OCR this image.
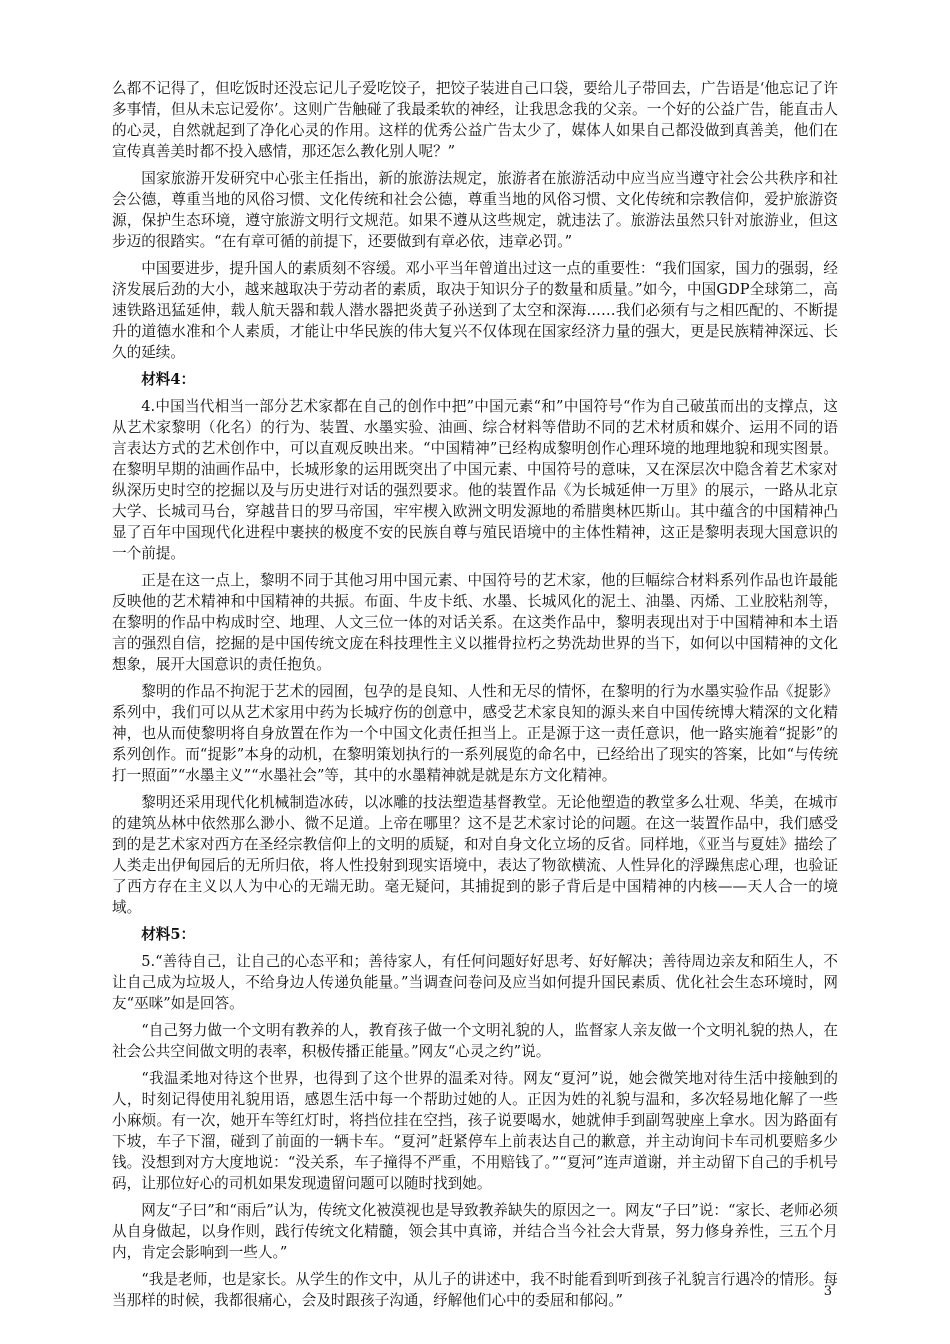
么都不记得了，但吃饭时还没忘记儿子爱吃饺子，把饺子装进自己口袋，要给儿子带回去，广告语是‘他忘记了许多事情，但从未忘记爱你’。这则广告触碰了我最柔软的神经，让我思念我的父亲。一个好的公益广告，能直击人的心灵，自然就起到了净化心灵的作用。这样的优秀公益广告太少了，媒体人如果自己都没做到真善美，他们在宣传真善美时都不投入感情，那还怎么教化别人呢？”

国家旅游开发研究中心张主任指出，新的旅游法规定，旅游者在旅游活动中应当应当遵守社会公共秩序和社会公德，尊重当地的风俗习惯、文化传统和社会公德，尊重当地的风俗习惯、文化传统和宗教信仰，爱护旅游资源，保护生态环境，遵守旅游文明行文规范。如果不遵从这些规定，就违法了。旅游法虽然只针对旅游业，但这步迈的很踏实。“在有章可循的前提下，还要做到有章必依，违章必罚。”

中国要进步，提升国人的素质刻不容缓。邓小平当年曾道出过这一点的重要性：“我们国家，国力的强弱，经济发展后劲的大小，越来越取决于劳动者的素质，取决于知识分子的数量和质量。”如今，中国GDP全球第二，高速铁路迅猛延伸，载人航天器和载人潜水器把炎黄子孙送到了太空和深海……我们必须有与之相匹配的、不断提升的道德水准和个人素质，才能让中华民族的伟大复兴不仅体现在国家经济力量的强大，更是民族精神深远、长久的延续。

材料4：

4.中国当代相当一部分艺术家都在自己的创作中把”中国元素“和”中国符号“作为自己破茧而出的支撑点，这从艺术家黎明（化名）的行为、装置、水墨实验、油画、综合材料等借助不同的艺术材质和媒介、运用不同的语言表达方式的艺术创作中，可以直观反映出来。“中国精神”已经构成黎明创作心理环境的地理地貌和现实图景。在黎明早期的油画作品中，长城形象的运用既突出了中国元素、中国符号的意味，又在深层次中隐含着艺术家对纵深历史时空的挖掘以及与历史进行对话的强烈要求。他的装置作品《为长城延伸一万里》的展示，一路从北京大学、长城司马台，穿越昔日的罗马帝国，牢牢楔入欧洲文明发源地的希腊奥林匹斯山。其中蕴含的中国精神凸显了百年中国现代化进程中裹挟的极度不安的民族自尊与殖民语境中的主体性精神，这正是黎明表现大国意识的一个前提。

正是在这一点上，黎明不同于其他习用中国元素、中国符号的艺术家，他的巨幅综合材料系列作品也许最能反映他的艺术精神和中国精神的共振。布面、牛皮卡纸、水墨、长城风化的泥土、油墨、丙烯、工业胶粘剂等，在黎明的作品中构成时空、地理、人文三位一体的对话关系。在这类作品中，黎明表现出对于中国精神和本土语言的强烈自信，挖掘的是中国传统文庞在科技理性主义以摧骨拉朽之势洗劫世界的当下，如何以中国精神的文化想象，展开大国意识的责任抱负。

黎明的作品不拘泥于艺术的园囿，包孕的是良知、人性和无尽的情怀，在黎明的行为水墨实验作品《捉影》系列中，我们可以从艺术家用中药为长城疗伤的创意中，感受艺术家良知的源头来自中国传统博大精深的文化精神，也从而使黎明将自身放置在作为一个中国文化责任担当上。正是源于这一责任意识，他一路实施着“捉影”的系列创作。而“捉影”本身的动机，在黎明策划执行的一系列展览的命名中，已经给出了现实的答案，比如“与传统打一照面”“水墨主义”“水墨社会”等，其中的水墨精神就是就是东方文化精神。

黎明还采用现代化机械制造冰砖，以冰雕的技法塑造基督教堂。无论他塑造的教堂多么壮观、华美，在城市的建筑丛林中依然那么渺小、微不足道。上帝在哪里？这不是艺术家讨论的问题。在这一装置作品中，我们感受到的是艺术家对西方在圣经宗教信仰上的文明的质疑，和对自身文化立场的反省。同样地，《亚当与夏娃》描绘了人类走出伊甸园后的无所归依，将人性投射到现实语境中，表达了物欲横流、人性异化的浮躁焦虑心理，也验证了西方存在主义以人为中心的无端无助。毫无疑问，其捕捉到的影子背后是中国精神的内核——天人合一的境域。

材料5：

5.“善待自己，让自己的心态平和；善待家人，有任何问题好好思考、好好解决；善待周边亲友和陌生人，不让自己成为垃圾人，不给身边人传递负能量。”当调查问卷问及应当如何提升国民素质、优化社会生态环境时，网友“巫咪”如是回答。

“自己努力做一个文明有教养的人，教育孩子做一个文明礼貌的人，监督家人亲友做一个文明礼貌的热人，在社会公共空间做文明的表率，积极传播正能量。”网友“心灵之约”说。

“我温柔地对待这个世界，也得到了这个世界的温柔对待。网友“夏河”说，她会微笑地对待生活中接触到的人，时刻记得使用礼貌用语，感恩生活中每一个帮助过她的人。正因为姓的礼貌与温和，多次轻易地化解了一些小麻烦。有一次，她开车等红灯时，将挡位挂在空挡，孩子说要喝水，她就伸手到副驾驶座上拿水。因为路面有下坡，车子下溜，碰到了前面的一辆卡车。“夏河”赶紧停车上前表达自己的歉意，并主动询问卡车司机要赔多少钱。没想到对方大度地说：“没关系，车子撞得不严重，不用赔钱了。”“夏河”连声道谢，并主动留下自己的手机号码，让那位好心的司机如果发现遗留问题可以随时找到她。

网友“子曰”和“雨后”认为，传统文化被漠视也是导致教养缺失的原因之一。网友“子曰”说：“家长、老师必须从自身做起，以身作则，践行传统文化精髓，领会其中真谛，并结合当今社会大背景，努力修身养性，三五个月内，肯定会影响到一些人。”

“我是老师，也是家长。从学生的作文中，从儿子的讲述中，我不时能看到听到孩子礼貌言行遇冷的情形。每当那样的时候，我都很痛心，会及时跟孩子沟通，纾解他们心中的委屈和郁闷。”

3
